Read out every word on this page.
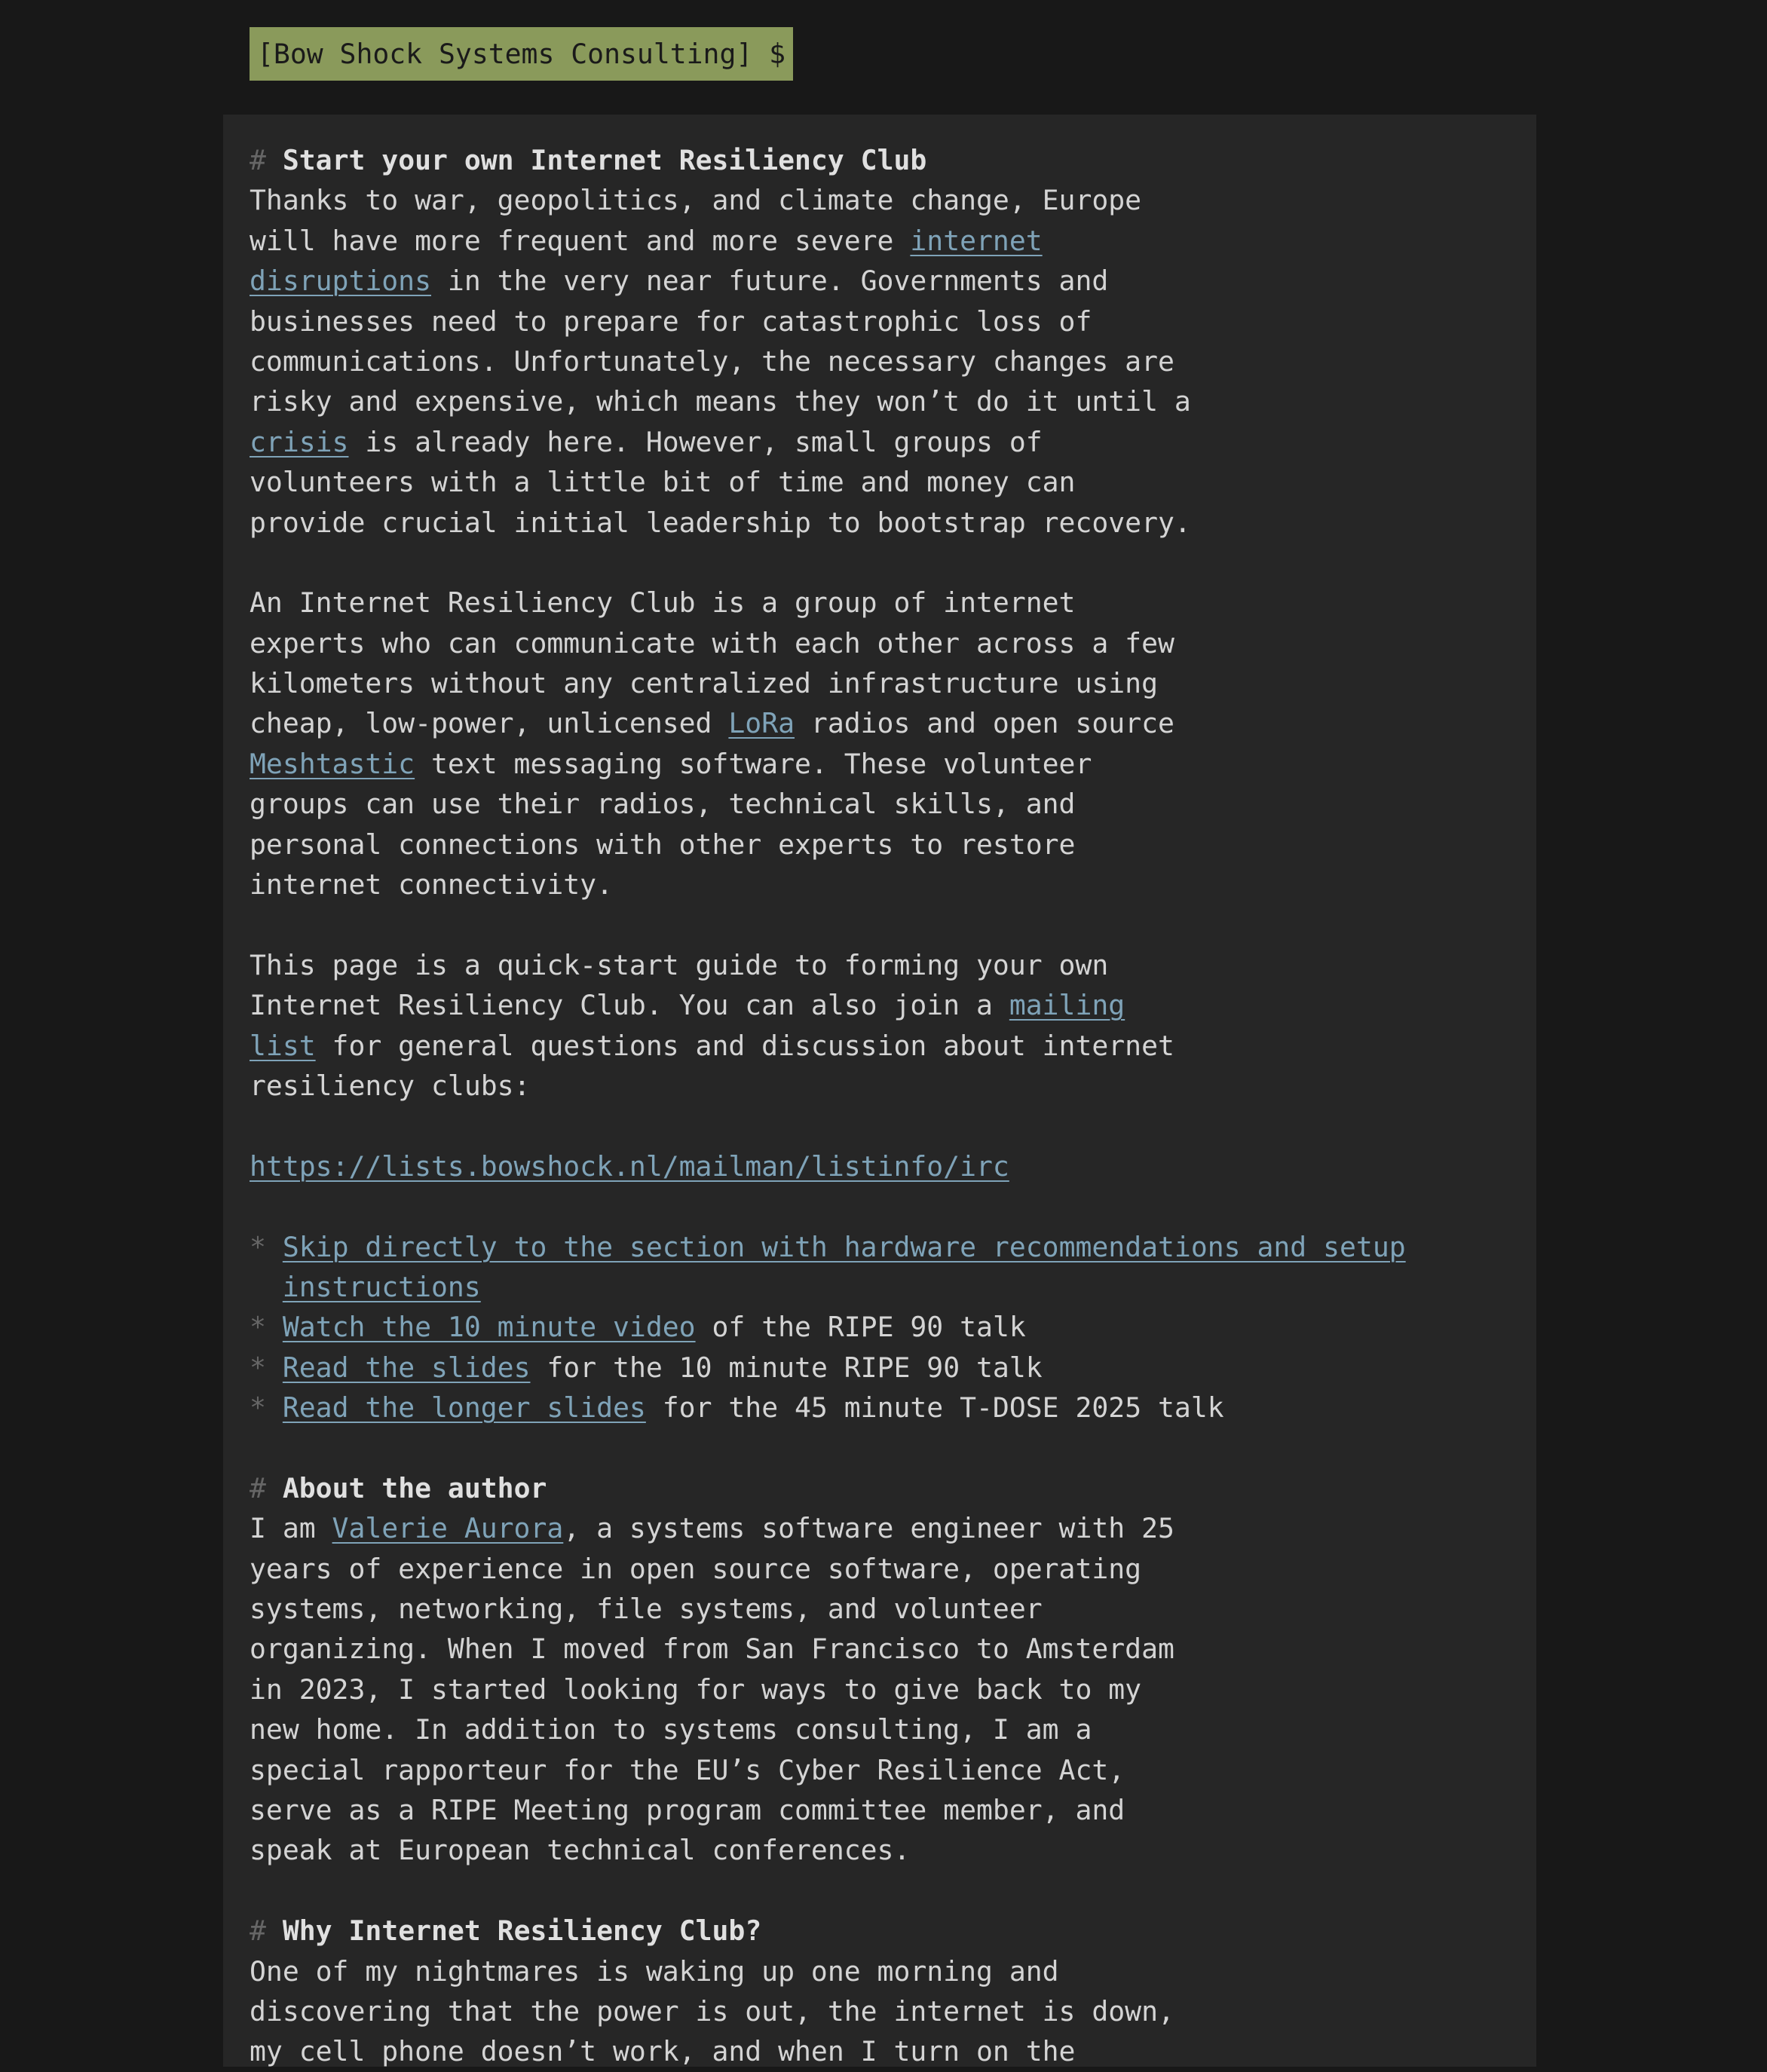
[Bow Shock Systems Consulting] $
# Start your own Internet Resiliency Club
Thanks to war, geopolitics, and climate change, Europe
will have more frequent and more severe internet
disruptions in the very near future. Governments and
businesses need to prepare for catastrophic loss of
communications. Unfortunately, the necessary changes are
risky and expensive, which means they won’t do it until a
crisis is already here. However, small groups of
volunteers with a little bit of time and money can
provide crucial initial leadership to bootstrap recovery.
An Internet Resiliency Club is a group of internet
experts who can communicate with each other across a few
kilometers without any centralized infrastructure using
cheap, low-power, unlicensed LoRa radios and open source
Meshtastic text messaging software. These volunteer
groups can use their radios, technical skills, and
personal connections with other experts to restore
internet connectivity.
This page is a quick-start guide to forming your own
Internet Resiliency Club. You can also join a mailing
list for general questions and discussion about internet
resiliency clubs:
https://lists.bowshock.nl/mailman/listinfo/irc
* Skip directly to the section with hardware recommendations and setup
instructions
* Watch the 10 minute video of the RIPE 90 talk
* Read the slides for the 10 minute RIPE 90 talk
* Read the longer slides for the 45 minute T-DOSE 2025 talk
# About the author
I am Valerie Aurora, a systems software engineer with 25
years of experience in open source software, operating
systems, networking, file systems, and volunteer
organizing. When I moved from San Francisco to Amsterdam
in 2023, I started looking for ways to give back to my
new home. In addition to systems consulting, I am a
special rapporteur for the EU’s Cyber Resilience Act,
serve as a RIPE Meeting program committee member, and
speak at European technical conferences.
# Why Internet Resiliency Club?
One of my nightmares is waking up one morning and
discovering that the power is out, the internet is down,
my cell phone doesn’t work, and when I turn on the
